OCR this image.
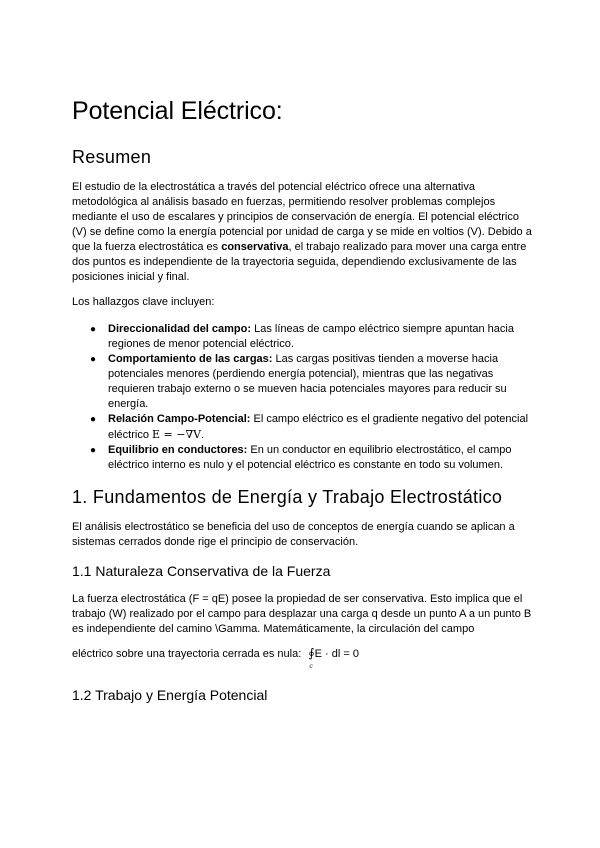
Potencial Eléctrico:
Resumen

El estudio de la electrostática a través del potencial eléctrico ofrece una alternativa metodológica al análisis basado en fuerzas, permitiendo resolver problemas complejos mediante el uso de escalares y principios de conservación de energía. El potencial eléctrico (V) se define como la energía potencial por unidad de carga y se mide en voltios (V). Debido a que la fuerza electrostática es conservativa, el trabajo realizado para mover una carga entre dos puntos es independiente de la trayectoria seguida, dependiendo exclusivamente de las posiciones inicial y final.

Los hallazgos clave incluyen:

● Direccionalidad del campo: Las líneas de campo eléctrico siempre apuntan hacia regiones de menor potencial eléctrico.
● Comportamiento de las cargas: Las cargas positivas tienden a moverse hacia potenciales menores (perdiendo energía potencial), mientras que las negativas requieren trabajo externo o se mueven hacia potenciales mayores para reducir su energía.
● Relación Campo-Potencial: El campo eléctrico es el gradiente negativo del potencial eléctrico E = −∇V.
● Equilibrio en conductores: En un conductor en equilibrio electrostático, el campo eléctrico interno es nulo y el potencial eléctrico es constante en todo su volumen.
1. Fundamentos de Energía y Trabajo Electrostático

El análisis electrostático se beneficia del uso de conceptos de energía cuando se aplican a sistemas cerrados donde rige el principio de conservación.

1.1 Naturaleza Conservativa de la Fuerza

La fuerza electrostática (F = qE) posee la propiedad de ser conservativa. Esto implica que el trabajo (W) realizado por el campo para desplazar una carga q desde un punto A a un punto B es independiente del camino \Gamma. Matemáticamente, la circulación del campo

eléctrico sobre una trayectoria cerrada es nula: ∮
c
E · dl = 0
1.2 Trabajo y Energía Potencial
